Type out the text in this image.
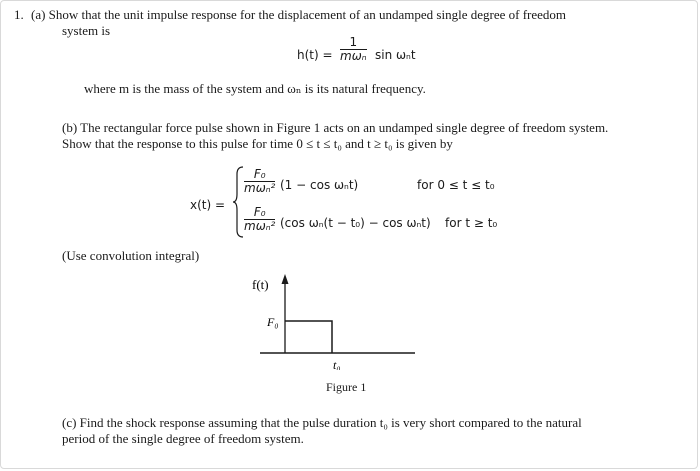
1. (a) Show that the unit impulse response for the displacement of an undamped single degree of freedom
system is
h(t) =
1
mωₙ sin ωₙt
where m is the mass of the system and ωₙ is its natural frequency.
(b) The rectangular force pulse shown in Figure 1 acts on an undamped single degree of freedom system.
Show that the response to this pulse for time 0 ≤ t ≤ t₀ and t ≥ t₀ is given by
x(t) =
F₀
mωₙ² (1 − cos ωₙt)	for 0 ≤ t ≤ t₀
F₀
mωₙ² (cos ωₙ(t − t₀) − cos ωₙt) for t ≥ t₀
(Use convolution integral)
f(t)
F₀
t₀
Figure 1
(c) Find the shock response assuming that the pulse duration t₀ is very short compared to the natural
period of the single degree of freedom system.
